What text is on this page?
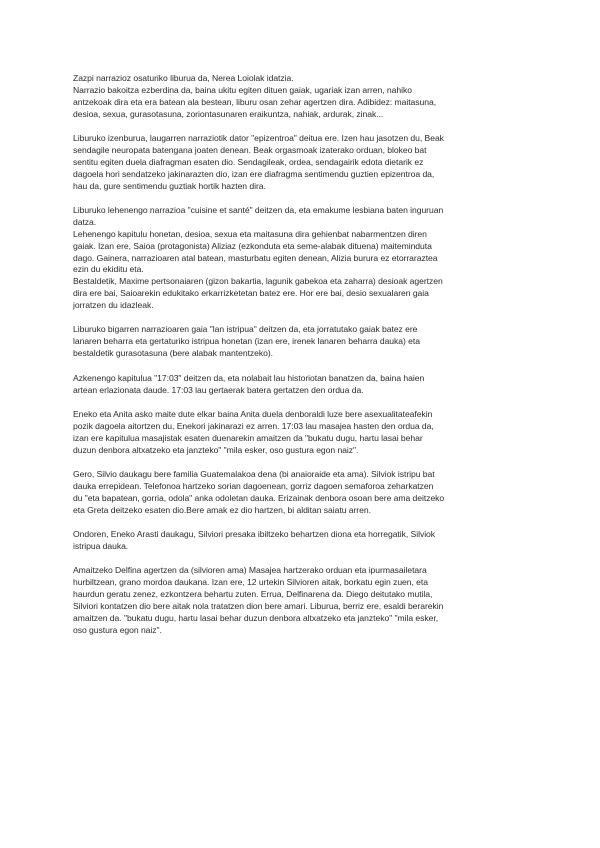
Zazpi narrazioz osaturiko liburua da, Nerea Loiolak idatzia.
Narrazio bakoitza ezberdina da, baina ukitu egiten dituen gaiak, ugariak izan arren, nahiko
antzekoak dira eta era batean ala bestean, liburu osan zehar agertzen dira. Adibidez: maitasuna,
desioa, sexua, gurasotasuna, zoriontasunaren eraikuntza, nahiak, ardurak, zinak...
Liburuko izenburua, laugarren narraziotik dator "epizentroa" deitua ere. Izen hau jasotzen du, Beak
sendagile neuropata batengana joaten denean. Beak orgasmoak izaterako orduan, blokeo bat
sentitu egiten duela diafragman esaten dio. Sendagileak, ordea, sendagairik edota dietarik ez
dagoela hori sendatzeko jakinarazten dio, izan ere diafragma sentimendu guztien epizentroa da,
hau da, gure sentimendu guztiak hortik hazten dira.
Liburuko lehenengo narrazioa "cuisine et santé" deitzen da, eta emakume lesbiana baten inguruan
datza.
Lehenengo kapitulu honetan, desioa, sexua eta maitasuna dira gehienbat nabarmentzen diren
gaiak. Izan ere, Saioa (protagonista) Aliziaz (ezkonduta eta seme-alabak dituena) maiteminduta
dago. Gainera, narrazioaren atal batean, masturbatu egiten denean, Alizia burura ez etorraraztea
ezin du ekiditu eta.
Bestaldetik, Maxime pertsonaiaren (gizon bakartia, lagunik gabekoa eta zaharra) desioak agertzen
dira ere bai, Saioarekin edukitako erkarrizketetan batez ere. Hor ere bai, desio sexualaren gaia
jorratzen du idazleak.
Liburuko bigarren narrazioaren gaia "lan istripua" deitzen da, eta jorratutako gaiak batez ere
lanaren beharra eta gertaturiko istripua honetan (izan ere, irenek lanaren beharra dauka) eta
bestaldetik gurasotasuna (bere alabak mantentzeko).
Azkenengo kapitulua "17:03" deitzen da, eta nolabait lau historiotan banatzen da, baina haien
artean erlazionata daude. 17:03 lau gertaerak batera gertatzen den ordua da.
Eneko eta Anita asko maite dute elkar baina Anita duela denboraldi luze bere asexualitateafekin
pozik dagoela aitortzen du, Enekori jakinarazi ez arren. 17:03 lau masajea hasten den ordua da,
izan ere kapitulua masajistak esaten duenarekin amaitzen da "bukatu dugu, hartu lasai behar
duzun denbora altxatzeko eta janzteko" "mila esker, oso gustura egon naiz".
Gero, Silvio daukagu bere familia Guatemalakoa dena (bi anaioraide eta ama). Silviok istripu bat
dauka errepidean. Telefonoa hartzeko sorian dagoenean, gorriz dagoen semaforoa zeharkatzen
du "eta bapatean, gorria, odola" anka odoletan dauka. Erizainak denbora osoan bere ama deitzeko
eta Greta deitzeko esaten dio.Bere amak ez dio hartzen, bi alditan saiatu arren.
Ondoren, Eneko Arasti daukagu, Silviori presaka ibiltzeko behartzen diona eta horregatik, Silviok
istripua dauka.
Amaitzeko Delfina agertzen da (silvioren ama) Masajea hartzerako orduan eta ipurmasailetara
hurbiltzean, grano mordoa daukana. Izan ere, 12 urtekin Silvioren aitak, borkatu egin zuen, eta
haurdun geratu zenez, ezkontzera behartu zuten. Errua, Delfinarena da. Diego deitutako mutila,
Silviori kontatzen dio bere aitak nola tratatzen dion bere amari. Liburua, berriz ere, esaldi berarekin
amaitzen da. "bukatu dugu, hartu lasai behar duzun denbora altxatzeko eta janzteko" "mila esker,
oso gustura egon naiz".
